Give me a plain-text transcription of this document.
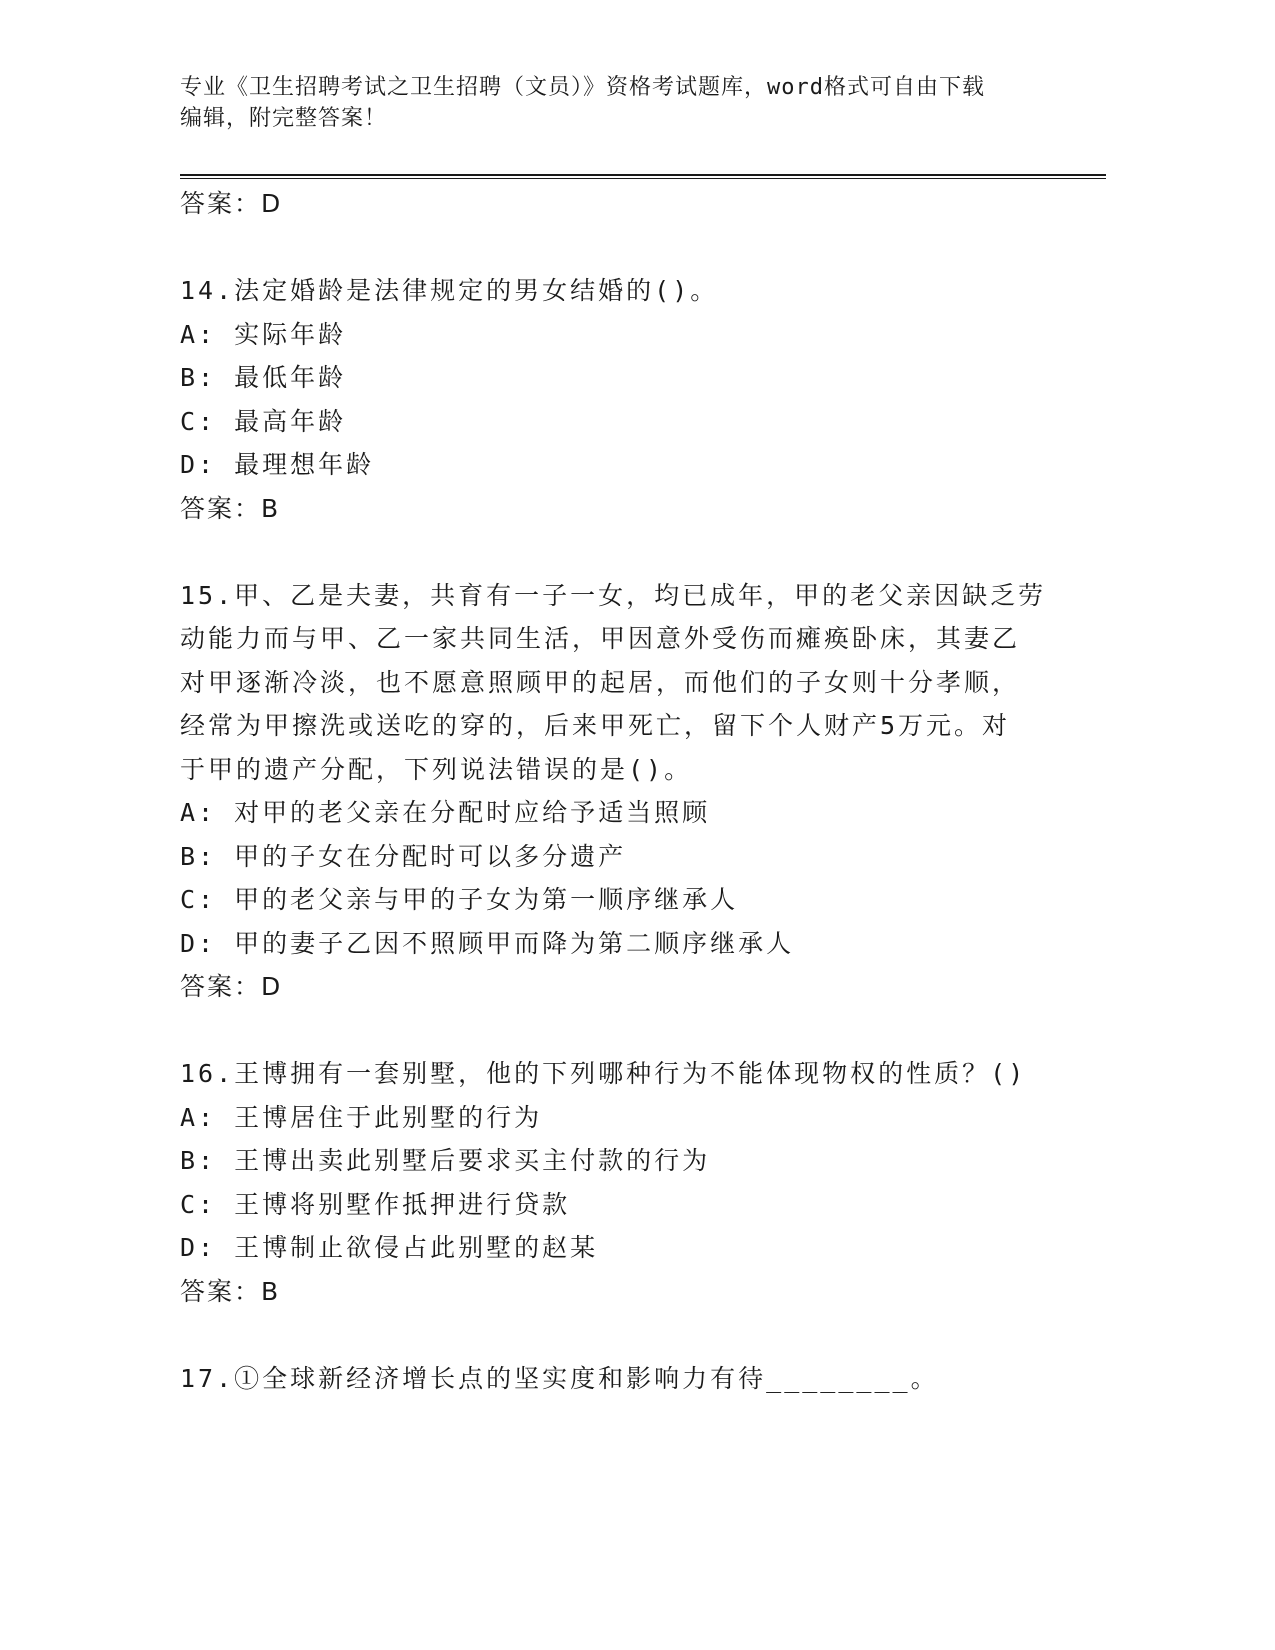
专业《卫生招聘考试之卫生招聘（文员）》资格考试题库，word格式可自由下载
编辑，附完整答案！
答案：D
14.法定婚龄是法律规定的男女结婚的()。
A: 实际年龄
B: 最低年龄
C: 最高年龄
D: 最理想年龄
答案：B
15.甲、乙是夫妻，共育有一子一女，均已成年，甲的老父亲因缺乏劳
动能力而与甲、乙一家共同生活，甲因意外受伤而瘫痪卧床，其妻乙
对甲逐渐冷淡，也不愿意照顾甲的起居，而他们的子女则十分孝顺，
经常为甲擦洗或送吃的穿的，后来甲死亡，留下个人财产5万元。对
于甲的遗产分配，下列说法错误的是()。
A: 对甲的老父亲在分配时应给予适当照顾
B: 甲的子女在分配时可以多分遗产
C: 甲的老父亲与甲的子女为第一顺序继承人
D: 甲的妻子乙因不照顾甲而降为第二顺序继承人
答案：D
16.王博拥有一套别墅，他的下列哪种行为不能体现物权的性质？()
A: 王博居住于此别墅的行为
B: 王博出卖此别墅后要求买主付款的行为
C: 王博将别墅作抵押进行贷款
D: 王博制止欲侵占此别墅的赵某
答案：B
17.①全球新经济增长点的坚实度和影响力有待________。
